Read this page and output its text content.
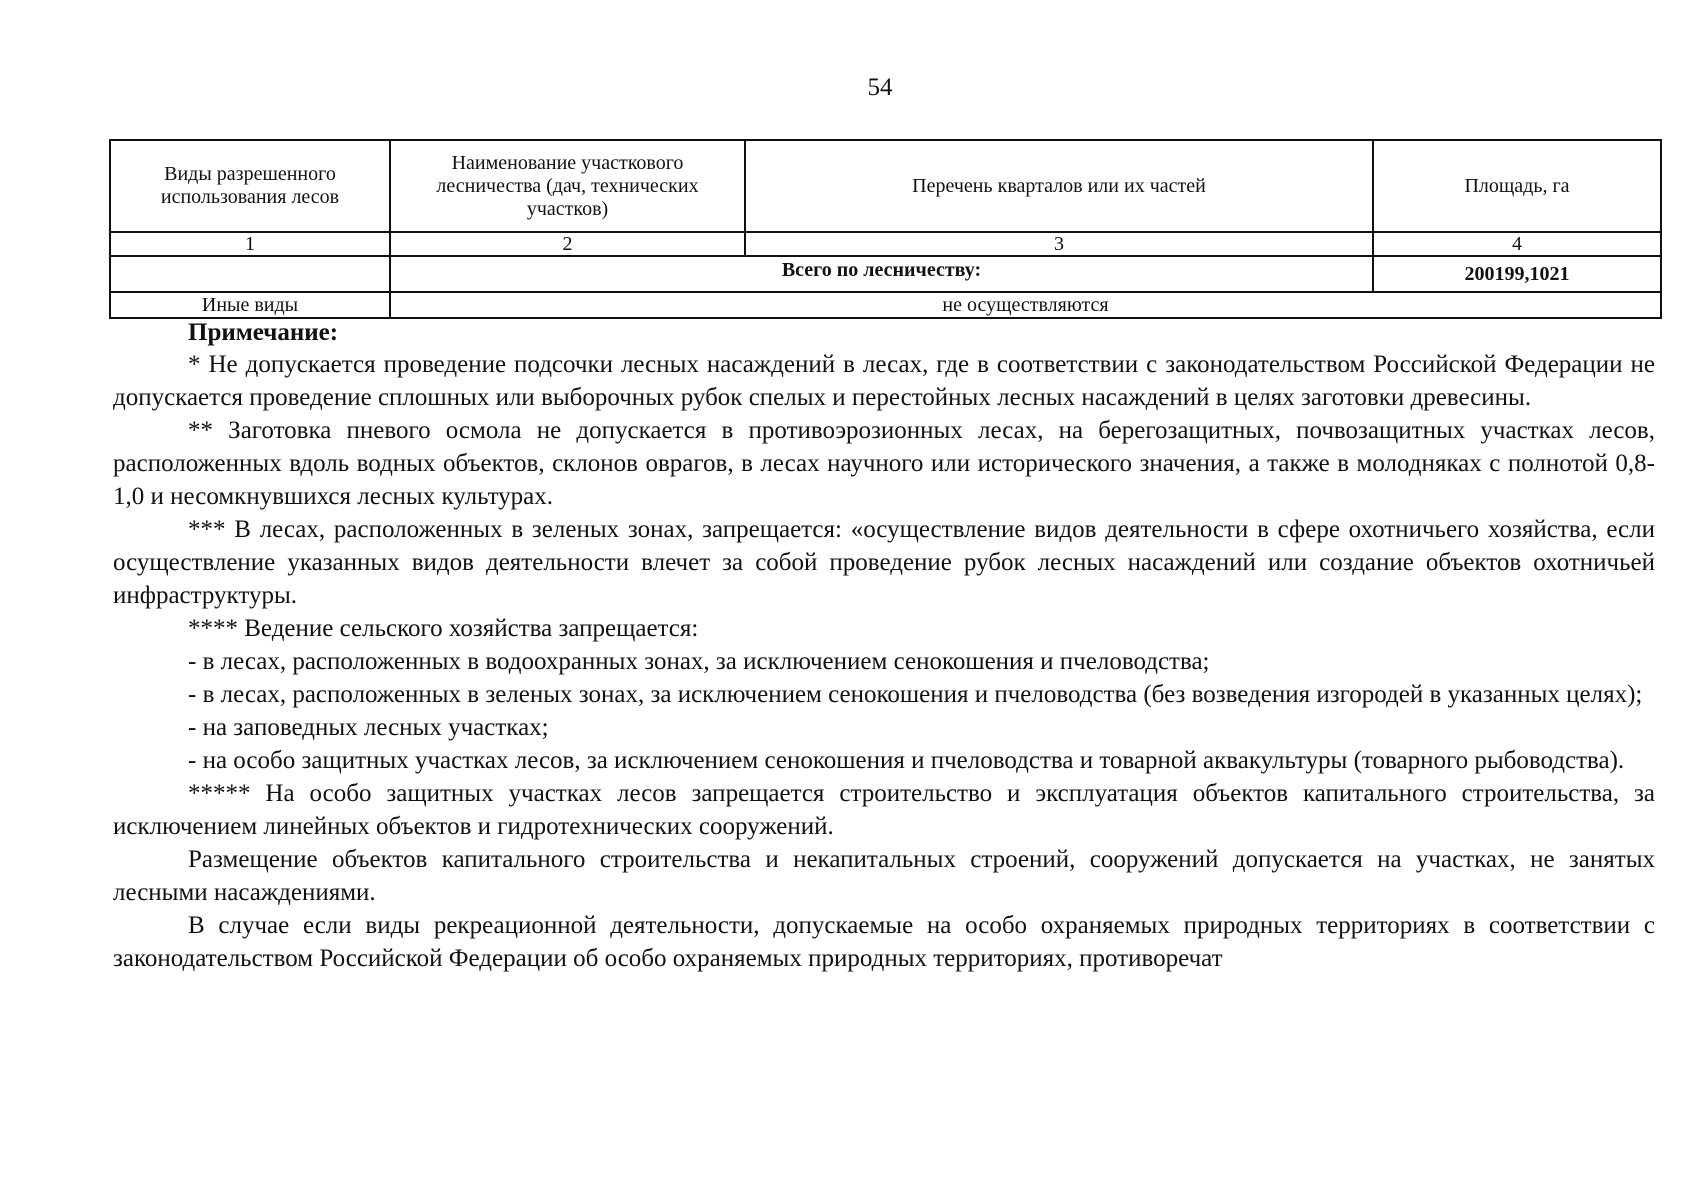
54
Виды разрешенного использования лесов	Наименование участкового лесничества (дач, технических участков)	Перечень кварталов или их частей	Площадь, га
1	2	3	4
	Всего по лесничеству:		200199,1021
Иные виды	не осуществляются		

Примечание:

* Не допускается проведение подсочки лесных насаждений в лесах, где в соответствии с законодательством Российской Федерации не допускается проведение сплошных или выборочных рубок спелых и перестойных лесных насаждений в целях заготовки древесины.

** Заготовка пневого осмола не допускается в противоэрозионных лесах, на берегозащитных, почвозащитных участках лесов, расположенных вдоль водных объектов, склонов оврагов, в лесах научного или исторического значения, а также в молодняках с полнотой 0,8-1,0 и несомкнувшихся лесных культурах.

*** В лесах, расположенных в зеленых зонах, запрещается: «осуществление видов деятельности в сфере охотничьего хозяйства, если осуществление указанных видов деятельности влечет за собой проведение рубок лесных насаждений или создание объектов охотничьей инфраструктуры.

**** Ведение сельского хозяйства запрещается:

- в лесах, расположенных в водоохранных зонах, за исключением сенокошения и пчеловодства;

- в лесах, расположенных в зеленых зонах, за исключением сенокошения и пчеловодства (без возведения изгородей в указанных целях);

- на заповедных лесных участках;

- на особо защитных участках лесов, за исключением сенокошения и пчеловодства и товарной аквакультуры (товарного рыбоводства).

***** На особо защитных участках лесов запрещается строительство и эксплуатация объектов капитального строительства, за исключением линейных объектов и гидротехнических сооружений.

Размещение объектов капитального строительства и некапитальных строений, сооружений допускается на участках, не занятых лесными насаждениями.

В случае если виды рекреационной деятельности, допускаемые на особо охраняемых природных территориях в соответствии с законодательством Российской Федерации об особо охраняемых природных территориях, противоречат
